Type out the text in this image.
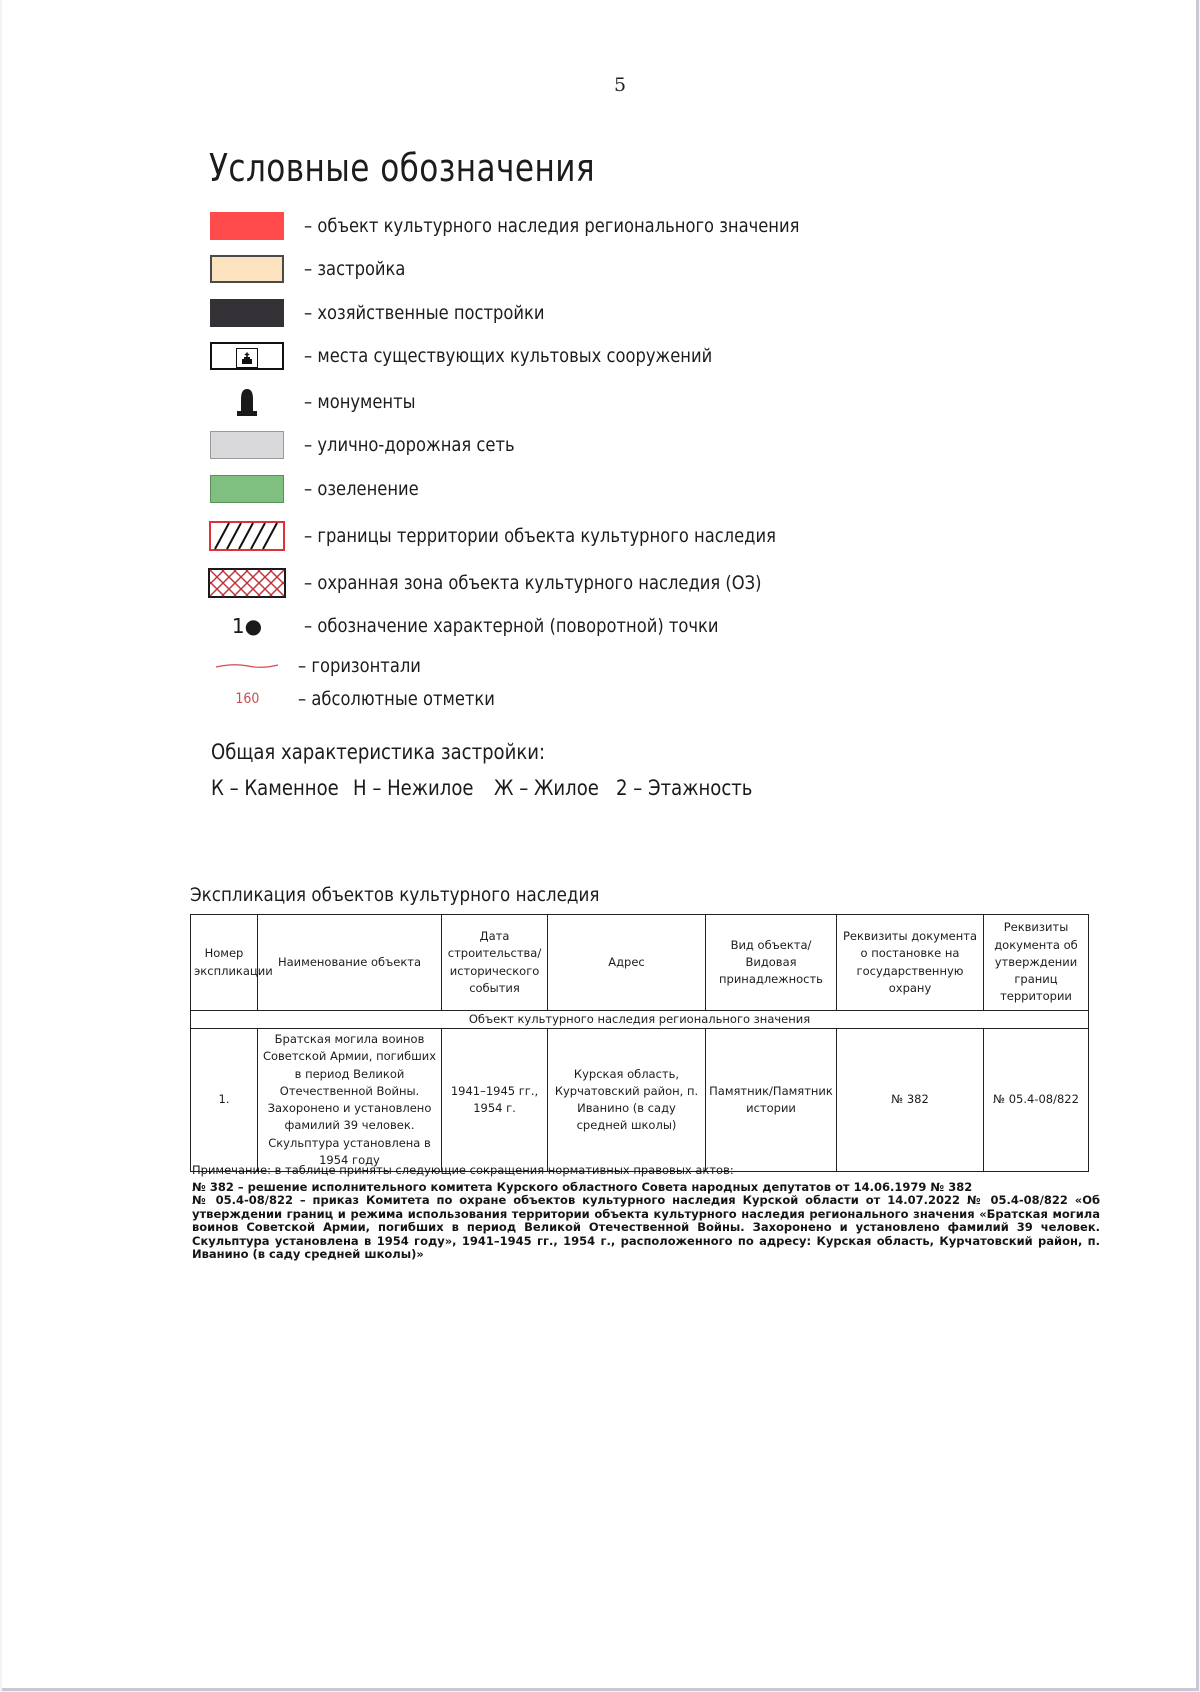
5
Условные обозначения
– объект культурного наследия регионального значения
– застройка
– хозяйственные постройки
– места существующих культовых сооружений
– монументы
– улично-дорожная сеть
– озеленение
– границы территории объекта культурного наследия
– охранная зона объекта культурного наследия (ОЗ)
1● – обозначение характерной (поворотной) точки
– горизонтали
160 – абсолютные отметки
Общая характеристика застройки:
К – Каменное Н – Нежилое Ж – Жилое 2 – Этажность
Экспликация объектов культурного наследия
Номер экспликации	Наименование объекта	Дата строительства/исторического события	Адрес	Вид объекта/Видовая принадлежность	Реквизиты документа о постановке на государственную охрану	Реквизиты документа об утверждении границ территории
Объект культурного наследия регионального значения						
1.	Братская могила воинов Советской Армии, погибших в период Великой Отечественной Войны. Захоронено и установлено фамилий 39 человек. Скульптура установлена в 1954 году	1941–1945 гг., 1954 г.	Курская область, Курчатовский район, п. Иванино (в саду средней школы)	Памятник/Памятник истории	№ 382	№ 05.4-08/822
Примечание: в таблице приняты следующие сокращения нормативных правовых актов:
№ 382 – решение исполнительного комитета Курского областного Совета народных депутатов от 14.06.1979 № 382
№ 05.4-08/822 – приказ Комитета по охране объектов культурного наследия Курской области от 14.07.2022 № 05.4-08/822 «Об утверждении границ и режима использования территории объекта культурного наследия регионального значения «Братская могила воинов Советской Армии, погибших в период Великой Отечественной Войны. Захоронено и установлено фамилий 39 человек. Скульптура установлена в 1954 году», 1941–1945 гг., 1954 г., расположенного по адресу: Курская область, Курчатовский район, п. Иванино (в саду средней школы)»
